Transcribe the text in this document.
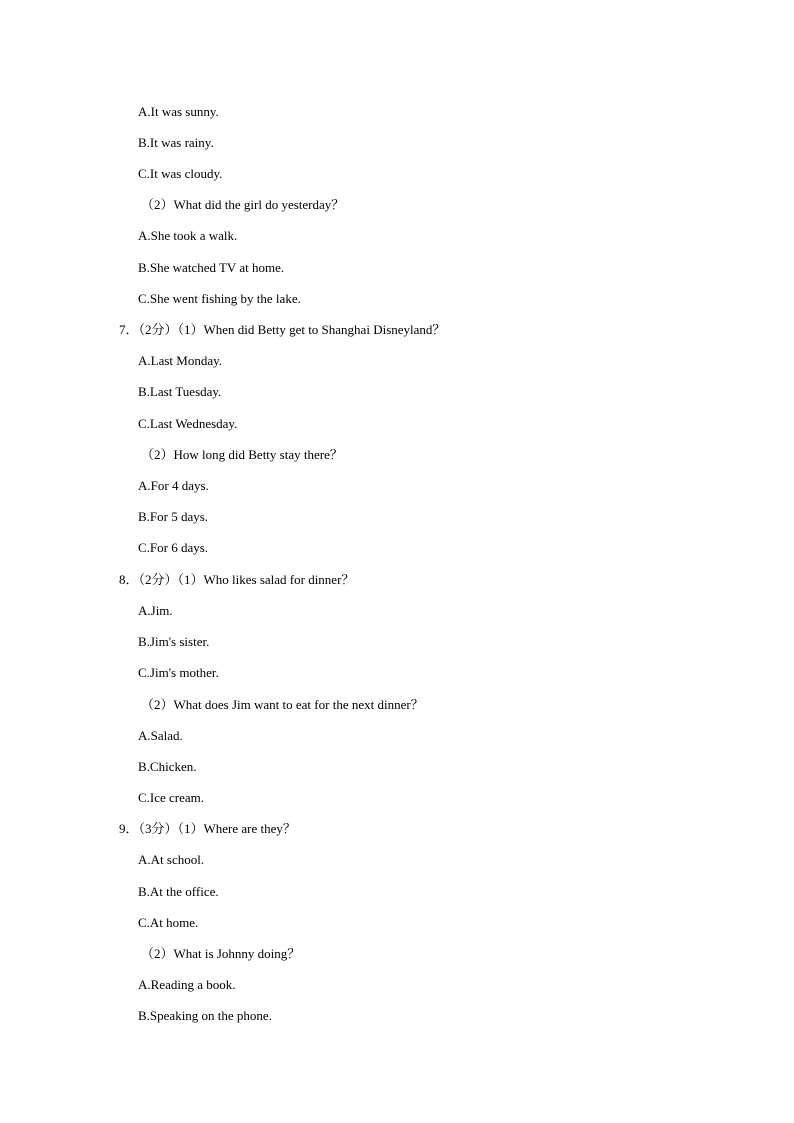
A.It was sunny.
B.It was rainy.
C.It was cloudy.
（2）What did the girl do yesterday？
A.She took a walk.
B.She watched TV at home.
C.She went fishing by the lake.
7．（2分）（1）When did Betty get to Shanghai Disneyland？
A.Last Monday.
B.Last Tuesday.
C.Last Wednesday.
（2）How long did Betty stay there？
A.For 4 days.
B.For 5 days.
C.For 6 days.
8．（2分）（1）Who likes salad for dinner？
A.Jim.
B.Jim's sister.
C.Jim's mother.
（2）What does Jim want to eat for the next dinner？
A.Salad.
B.Chicken.
C.Ice cream.
9．（3分）（1）Where are they？
A.At school.
B.At the office.
C.At home.
（2）What is Johnny doing？
A.Reading a book.
B.Speaking on the phone.
